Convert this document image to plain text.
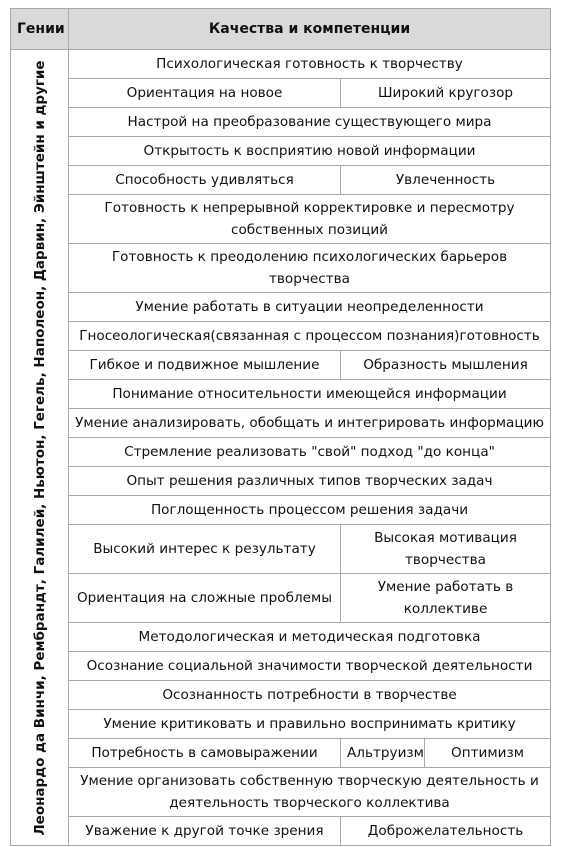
Гении	Качества и компетенции		

Леонардо да Винчи, Рембрандт, Галилей, Ньютон, Гегель, Наполеон, Дарвин, Эйнштейн и другие	Психологическая готовность к творчеству		
	Ориентация на новое	Широкий кругозор	
	Настрой на преобразование существующего мира		
	Открытость к восприятию новой информации		
	Способность удивляться	Увлеченность	
	Готовность к непрерывной корректировке и пересмотру собственных позиций		
	Готовность к преодолению психологических барьеров творчества		
	Умение работать в ситуации неопределенности		
	Гносеологическая(связанная с процессом познания)готовность		
	Гибкое и подвижное мышление	Образность мышления	
	Понимание относительности имеющейся информации		
	Умение анализировать, обобщать и интегрировать информацию		
	Стремление реализовать "свой" подход "до конца"		
	Опыт решения различных типов творческих задач		
	Поглощенность процессом решения задачи		
	Высокий интерес к результату	Высокая мотивация творчества	
	Ориентация на сложные проблемы	Умение работать в коллективе	
	Методологическая и методическая подготовка		
	Осознание социальной значимости творческой деятельности		
	Осознанность потребности в творчестве		
	Умение критиковать и правильно воспринимать критику		
	Потребность в самовыражении	Альтруизм	Оптимизм
	Умение организовать собственную творческую деятельность и деятельность творческого коллектива		
	Уважение к другой точке зрения	Доброжелательность	
